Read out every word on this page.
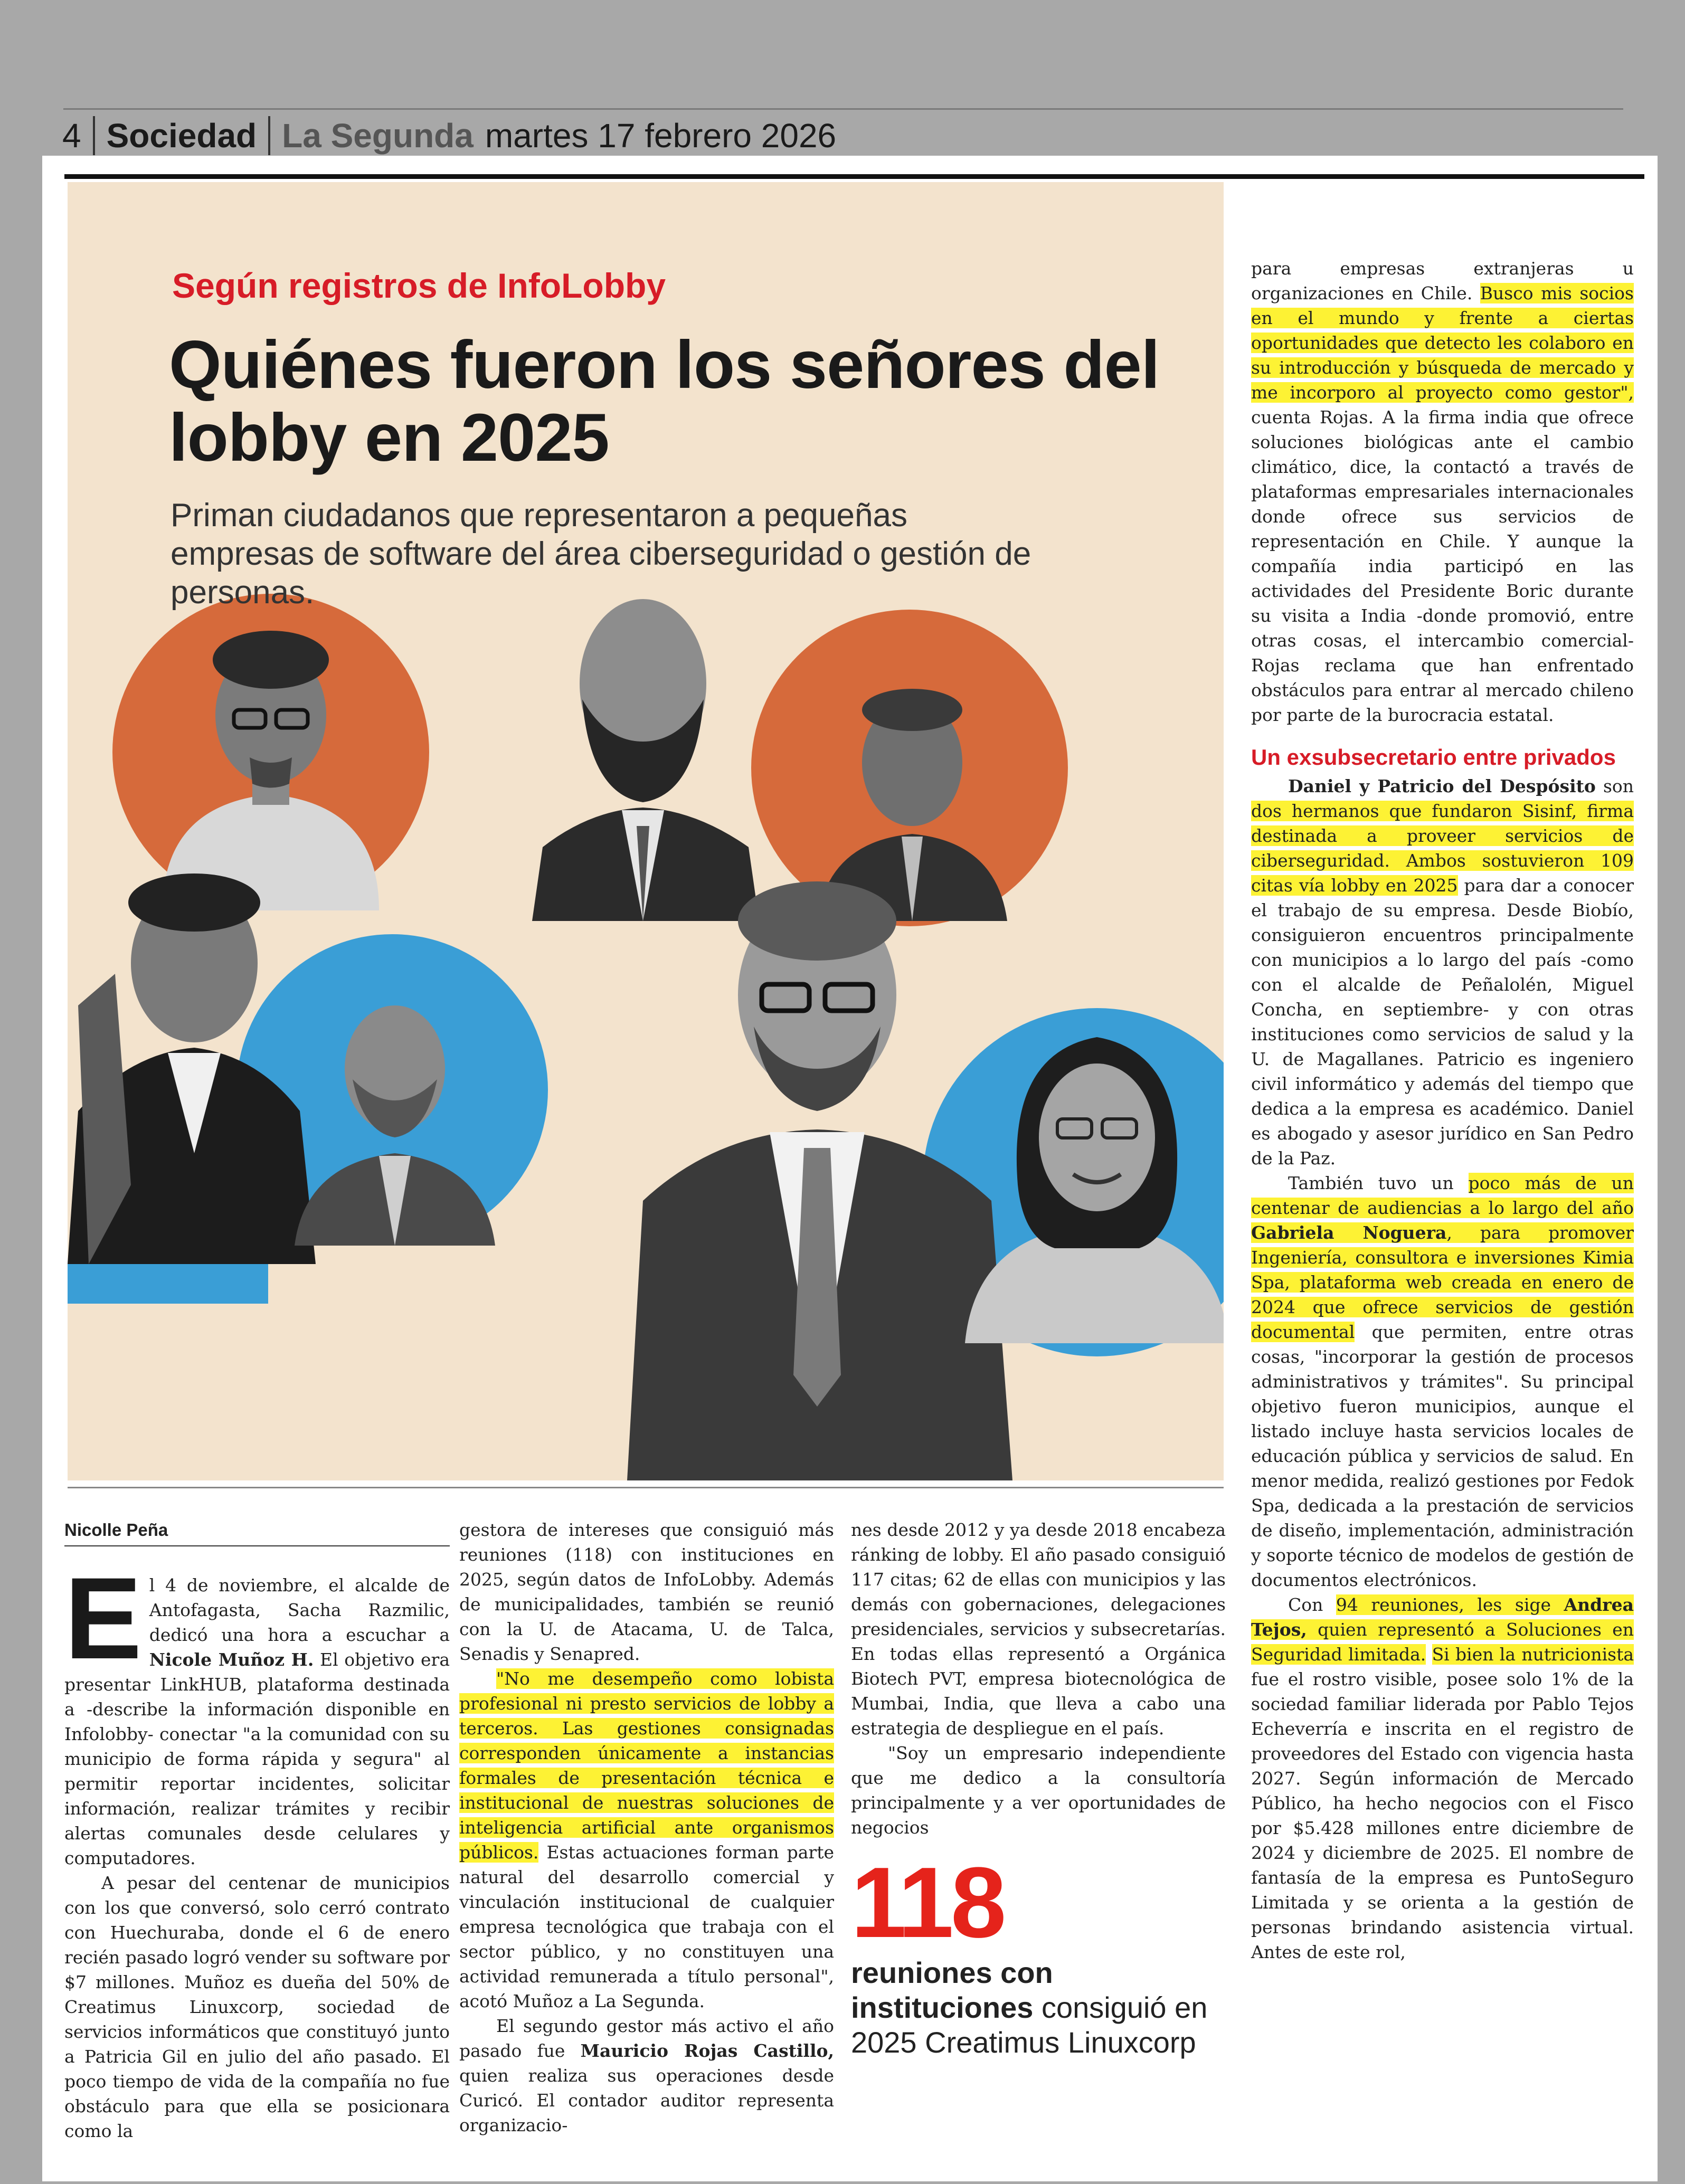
4 Sociedad La Segunda martes 17 febrero 2026
Según registros de InfoLobby
Quiénes fueron los señores del lobby en 2025
Priman ciudadanos que representaron a pequeñas empresas de software del área ciberseguridad o gestión de personas.
Nicolle Peña

El 4 de noviembre, el alcalde de Antofagasta, Sacha Razmilic, dedicó una hora a escuchar a Nicole Muñoz H. El objetivo era presentar LinkHUB, plataforma destinada a -describe la información disponible en Infolobby- conectar "a la comunidad con su municipio de forma rápida y segura" al permitir reportar incidentes, solicitar información, realizar trámites y recibir alertas comunales desde celulares y computadores.

A pesar del centenar de municipios con los que conversó, solo cerró contrato con Huechuraba, donde el 6 de enero recién pasado logró vender su software por $7 millones. Muñoz es dueña del 50% de Creatimus Linuxcorp, sociedad de servicios informáticos que constituyó junto a Patricia Gil en julio del año pasado. El poco tiempo de vida de la compañía no fue obstáculo para que ella se posicionara como la

gestora de intereses que consiguió más reuniones (118) con instituciones en 2025, según datos de InfoLobby. Además de municipalidades, también se reunió con la U. de Atacama, U. de Talca, Senadis y Senapred.

"No me desempeño como lobista profesional ni presto servicios de lobby a terceros. Las gestiones consignadas corresponden únicamente a instancias formales de presentación técnica e institucional de nuestras soluciones de inteligencia artificial ante organismos públicos. Estas actuaciones forman parte natural del desarrollo comercial y vinculación institucional de cualquier empresa tecnológica que trabaja con el sector público, y no constituyen una actividad remunerada a título personal", acotó Muñoz a La Segunda.

El segundo gestor más activo el año pasado fue Mauricio Rojas Castillo, quien realiza sus operaciones desde Curicó. El contador auditor representa organizacio-

nes desde 2012 y ya desde 2018 encabeza ránking de lobby. El año pasado consiguió 117 citas; 62 de ellas con municipios y las demás con gobernaciones, delegaciones presidenciales, servicios y subsecretarías. En todas ellas representó a Orgánica Biotech PVT, empresa biotecnológica de Mumbai, India, que lleva a cabo una estrategia de despliegue en el país.

"Soy un empresario independiente que me dedico a la consultoría principalmente y a ver oportunidades de negocios

118
reuniones con instituciones consiguió en 2025 Creatimus Linuxcorp

para empresas extranjeras u organizaciones en Chile. Busco mis socios en el mundo y frente a ciertas oportunidades que detecto les colaboro en su introducción y búsqueda de mercado y me incorporo al proyecto como gestor", cuenta Rojas. A la firma india que ofrece soluciones biológicas ante el cambio climático, dice, la contactó a través de plataformas empresariales internacionales donde ofrece sus servicios de representación en Chile. Y aunque la compañía india participó en las actividades del Presidente Boric durante su visita a India -donde promovió, entre otras cosas, el intercambio comercial- Rojas reclama que han enfrentado obstáculos para entrar al mercado chileno por parte de la burocracia estatal.

Un exsubsecretario entre privados

Daniel y Patricio del Despósito son dos hermanos que fundaron Sisinf, firma destinada a proveer servicios de ciberseguridad. Ambos sostuvieron 109 citas vía lobby en 2025 para dar a conocer el trabajo de su empresa. Desde Biobío, consiguieron encuentros principalmente con municipios a lo largo del país -como con el alcalde de Peñalolén, Miguel Concha, en septiembre- y con otras instituciones como servicios de salud y la U. de Magallanes. Patricio es ingeniero civil informático y además del tiempo que dedica a la empresa es académico. Daniel es abogado y asesor jurídico en San Pedro de la Paz.

También tuvo un poco más de un centenar de audiencias a lo largo del año Gabriela Noguera, para promover Ingeniería, consultora e inversiones Kimia Spa, plataforma web creada en enero de 2024 que ofrece servicios de gestión documental que permiten, entre otras cosas, "incorporar la gestión de procesos administrativos y trámites". Su principal objetivo fueron municipios, aunque el listado incluye hasta servicios locales de educación pública y servicios de salud. En menor medida, realizó gestiones por Fedok Spa, dedicada a la prestación de servicios de diseño, implementación, administración y soporte técnico de modelos de gestión de documentos electrónicos.

Con 94 reuniones, les sige Andrea Tejos, quien representó a Soluciones en Seguridad limitada. Si bien la nutricionista fue el rostro visible, posee solo 1% de la sociedad familiar liderada por Pablo Tejos Echeverría e inscrita en el registro de proveedores del Estado con vigencia hasta 2027. Según información de Mercado Público, ha hecho negocios con el Fisco por $5.428 millones entre diciembre de 2024 y diciembre de 2025. El nombre de fantasía de la empresa es PuntoSeguro Limitada y se orienta a la gestión de personas brindando asistencia virtual. Antes de este rol,
